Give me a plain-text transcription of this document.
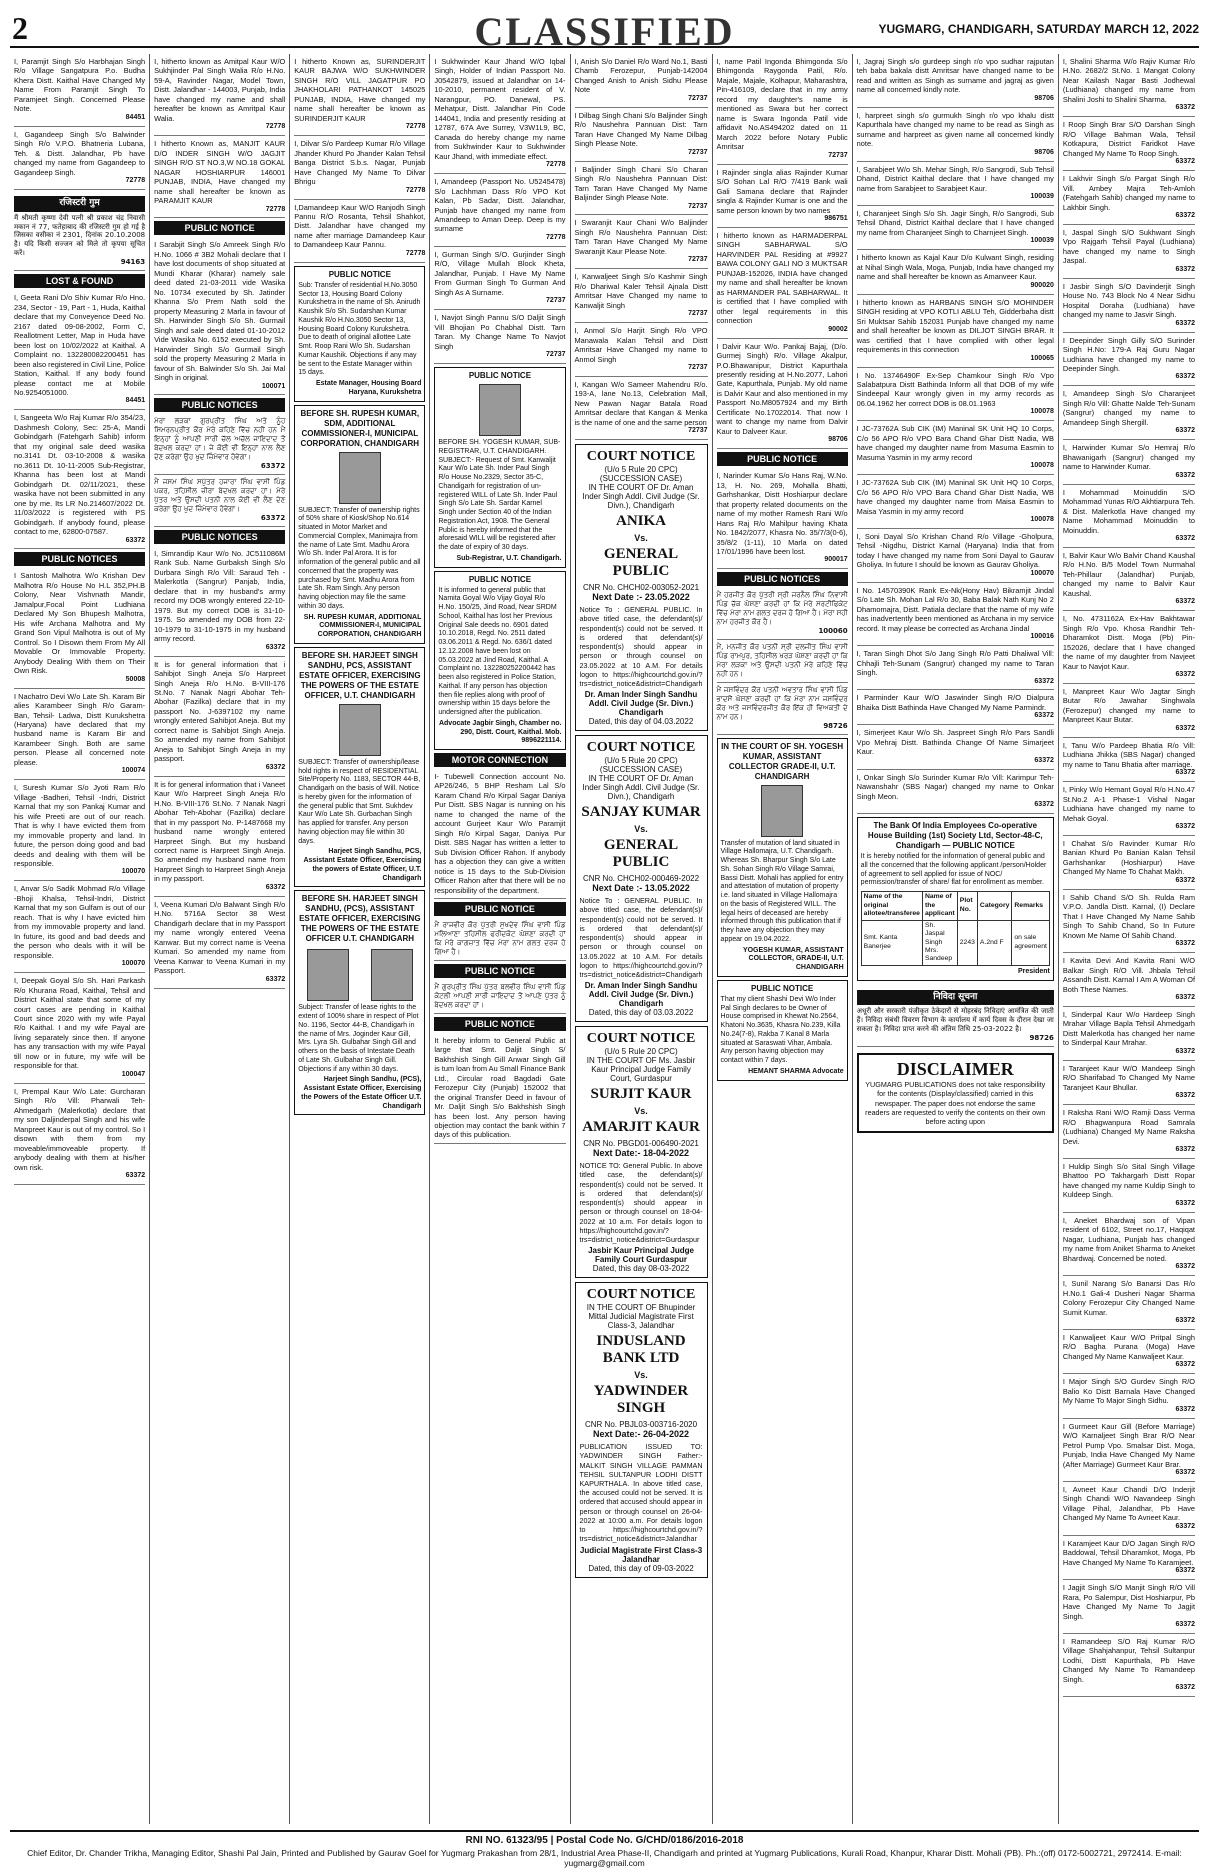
2	CLASSIFIED	YUGMARG, CHANDIGARH, SATURDAY MARCH 12, 2022
I, Paramjit Singh S/o Harbhajan Singh R/o Village Sangatpura P.o. Budha Khera Distt. Kaithal Have Changed My Name From Paramjit Singh To Paramjeet Singh. Concerned Please Note.
84451
I, Gagandeep Singh S/o Balwinder Singh R/o V.P.O. Bhatneria Lubana, Teh. & Distt. Jalandhar, Pb have changed my name from Gagandeep to Gagandeep Singh.
72778
रजिस्टरी गुम
मैं श्रीमती कृष्णा देवी पत्नी श्री प्रकाश चंद्र निवासी मकान नं 77, फतेहाबाद की रजिस्टरी गुम हो गई है जिसका वसीका नं 2301, दिनांक 20.10.2008 है। यदि किसी सज्जन को मिले तो कृपया सूचित करें।
94163
LOST & FOUND
I, Geeta Rani D/o Shiv Kumar R/o Hno. 234, Sector - 19, Part - 1, Huda, Kaithal declare that my Conveyence Deed No. 2167 dated 09-08-2002, Form C, Reallotment Letter, Map in Huda have been lost on 10/02/2022 at Kaithal. A Complaint no. 132280082200451 has been also registered in Civil Line, Police Station, Kaithal. If any body found please contact me at Mobile No.9254051000.
84451
I, Sangeeta W/o Raj Kumar R/o 354/23, Dashmesh Colony, Sec: 25-A, Mandi Gobindgarh (Fatehgarh Sahib) inform that my original sale deed wasika no.3141 Dt. 03-10-2008 & wasika no.3611 Dt. 10-11-2005 Sub-Registrar, Khanna has been lost at Mandi Gobindgarh Dt. 02/11/2021, these wasika have not been submitted in any one by me. Its LR No.214607/2022 Dt. 11/03/2022 is registered with PS Gobindgarh. If anybody found, please contact to me, 62800-07587.
63372
PUBLIC NOTICES
I Santosh Malhotra W/o Krishan Dev Malhotra R/o House No H.L 352,PH.B Colony, Near Vishvnath Mandir, Jamalpur,Focal Point Ludhiana Declared My Son Bhupesh Malhotra, His wife Archana Malhotra and My Grand Son Vipul Malhotra is out of My Control. So I Disown them From My All Movable Or Immovable Property. Anybody Dealing With them on Their Own Risk.
50008
I Nachatro Devi W/o Late Sh. Karam Bir alies Karambeer Singh R/o Garam- Ban, Tehsil- Ladwa, Distt Kurukshetra (Haryana) have declared that my husband name is Karam Bir and Karambeer Singh. Both are same person. Please all concerned note please.
100074
I, Suresh Kumar S/o Jyoti Ram R/o Village -Badheri, Tehsil -Indri, District Karnal that my son Pankaj Kumar and his wife Preeti are out of our reach. That is why I have evicted them from my immovable property and land. In future, the person doing good and bad deeds and dealing with them will be responsible.
100070
I, Anvar S/o Sadik Mohmad R/o Village -Bhoji Khalsa, Tehsil-Indri, District Karnal that my son Gulfam is out of our reach. That is why I have evicted him from my immovable property and land. In future, its good and bad deeds and the person who deals with it will be responsible.
100070
I, Deepak Goyal S/o Sh. Hari Parkash R/o Khurana Road, Kaithal, Tehsil and District Kaithal state that some of my court cases are pending in Kaithal Court since 2020 with my wife Payal R/o Kaithal. I and my wife Payal are living separately since then. If anyone has any transaction with my wife Payal till now or in future, my wife will be responsible for that.
100047
I, Prempal Kaur W/o Late: Gurcharan Singh R/o Vill: Pharwali Teh-Ahmedgarh (Malerkotla) declare that my son Daljinderpal Singh and his wife Manpreet Kaur is out of my control. So I disown with them from my moveable/immoveable property. If anybody dealing with them at his/her own risk.
63372
I, hitherto known as Amitpal Kaur W/O Sukhjinder Pal Singh Walia R/o H.No. 59-A, Ravinder Nagar, Model Town, Distt. Jalandhar - 144003, Punjab, India have changed my name and shall hereafter be known as Amritpal Kaur Walia.
72778
I hitherto Known as, MANJIT KAUR D/O INDER SINGH W/O JAGJIT SINGH R/O ST NO.3,W NO.18 GOKAL NAGAR HOSHIARPUR 146001 PUNJAB, INDIA, Have changed my name shall hereafter be known as PARAMJIT KAUR
72778
PUBLIC NOTICE
I Sarabjit Singh S/o Amreek Singh R/o H.No. 1066 # 3B2 Mohali declare that I have lost documents of shop situated at Mundi Kharar (Kharar) namely sale deed dated 21-03-2011 vide Wasika No. 10734 executed by Sh. Jatinder Khanna S/o Prem Nath sold the property Measuring 2 Marla in favour of Sh. Harwinder Singh S/o Sh. Gurmail Singh and sale deed dated 01-10-2012 Vide Wasika No. 6152 executed by Sh. Harwinder Singh S/o Gurmail Singh sold the property Measuring 2 Marla in favour of Sh. Balwinder S/o Sh. Jai Mal Singh in original.
100071
PUBLIC NOTICES
ਮੇਰਾ ਲੜਕਾ ਗੁਰਪ੍ਰੀਤ ਸਿੰਘ ਅਤੇ ਨੂੰਹ ਸਿਮਰਨਪ੍ਰੀਤ ਕੌਰ ਮੇਰੇ ਕਹਿਣੇ ਵਿੱਚ ਨਹੀਂ ਹਨ ਮੈਂ ਇਨ੍ਹਾਂ ਨੂੰ ਆਪਣੀ ਸਾਰੀ ਚੱਲ ਅਚੱਲ ਜਾਇਦਾਦ ਤੋਂ ਬੇਦਖਲ ਕਰਦਾ ਹਾਂ। ਜੇ ਕੋਈ ਵੀ ਇਨ੍ਹਾਂ ਨਾਲ ਲੈਣ ਦੇਣ ਕਰੇਗਾ ਉਹ ਖੁਦ ਜ਼ਿੰਮੇਵਾਰ ਹੋਵੇਗਾ।
63372
ਮੈਂ ਜਸਮ ਸਿੰਘ ਸਪੁੱਤਰ ਹਜਾਰਾ ਸਿੰਘ ਵਾਸੀ ਪਿੰਡ ਪਕਰ, ਤਹਿਸੀਲ ਜ਼ੀਰਾ ਬੇਦਖਲ ਕਰਦਾ ਹਾਂ। ਮੇਰੇ ਪੁੱਤਰ ਅਤੇ ਉਸਦੀ ਪਤਨੀ ਨਾਲ ਕੋਈ ਵੀ ਲੈਣ ਦੇਣ ਕਰੇਗਾ ਉਹ ਖੁਦ ਜ਼ਿੰਮੇਵਾਰ ਹੋਵੇਗਾ।
63372
PUBLIC NOTICES
I, Simrandip Kaur W/o No. JC511086M Rank Sub. Name Gurbaksh Singh S/o Durbara Singh R/o Vill: Saraud Teh - Malerkotla (Sangrur) Panjab, India, declare that in my husband's army record my DOB wrongly entered 22-10-1979. But my correct DOB is 31-10-1975. So amended my DOB from 22-10-1979 to 31-10-1975 in my husband army record.
63372
It is for general information that i Sahibjot Singh Aneja S/o Harpreet Singh Aneja R/o H.No. B-VIII-176 St.No. 7 Nanak Nagri Abohar Teh-Abohar (Fazilka) declare that in my passport No. J-6397102 my name wrongly entered Sahibjot Aneja. But my correct name is Sahibjot Singh Aneja. So amended my name from Sahibjot Aneja to Sahibjot Singh Aneja in my passport.
63372
It is for general information that i Vaneet Kaur W/o Harpreet Singh Aneja R/o H.No. B-VIII-176 St.No. 7 Nanak Nagri Abohar Teh-Abohar (Fazilka) declare that in my passport No. P-1487668 my husband name wrongly entered Harpreet Singh. But my husband correct name is Harpreet Singh Aneja. So amended my husband name from Harpreet Singh to Harpreet Singh Aneja in my passport.
63372
I, Veena Kumari D/o Balwant Singh R/o H.No. 5716A Sector 38 West Chandigarh declare that in my Passport my name wrongly entered Veena Kanwar. But my correct name is Veena Kumari. So amended my name from Veena Kanwar to Veena Kumari in my Passport.
63372
I hitherto Known as, SURINDERJIT KAUR BAJWA W/O SUKHWINDER SINGH R/O VILL JAGATPUR PO JHAKHOLARI PATHANKOT 145025 PUNJAB, INDIA, Have changed my name shall hereafter be known as SURINDERJIT KAUR
72778
I, Dilvar S/o Pardeep Kumar R/o Village Jhander Khurd Po Jhander Kalan Tehsil Banga District S.b.s. Nagar, Punjab Have Changed My Name To Dilvar Bhrigu
72778
I,Damandeep Kaur W/O Ranjodh Singh Pannu R/O Rosanta, Tehsil Shahkot, Distt. Jalandhar have changed my name after marriage Damandeep Kaur to Damandeep Kaur Pannu.
72778
PUBLIC NOTICE
Sub: Transfer of residential H.No.3050 Sector 13, Housing Board Colony Kurukshetra in the name of Sh. Anirudh Kaushik S/o Sh. Sudarshan Kumar Kaushik R/o H.No.3050 Sector 13, Housing Board Colony Kurukshetra. Due to death of original allottee Late Smt. Roop Rani W/o Sh. Sudarshan Kumar Kaushik. Objections if any may be sent to the Estate Manager within 15 days.
Estate Manager, Housing Board Haryana, Kurukshetra
BEFORE SH. RUPESH KUMAR, SDM, ADDITIONAL COMMISSIONER-I, MUNICIPAL CORPORATION, CHANDIGARH
SUBJECT: Transfer of ownership rights of 50% share of Kiosk/Shop No.614 situated in Motor Market and Commercial Complex, Manimajra from the name of Late Smt. Madhu Arora W/o Sh. Inder Pal Arora. It is for information of the general public and all concerned that the property was purchased by Smt. Madhu Arora from Late Sh. Ram Singh. Any person having objection may file the same within 30 days.
SH. RUPESH KUMAR, ADDITIONAL COMMISSIONER-I, MUNICIPAL CORPORATION, CHANDIGARH
BEFORE SH. HARJEET SINGH SANDHU, PCS, ASSISTANT ESTATE OFFICER, EXERCISING THE POWERS OF THE ESTATE OFFICER, U.T. CHANDIGARH
SUBJECT: Transfer of ownership/lease hold rights in respect of RESIDENTIAL Site/Property No. 1183, SECTOR 44-B, Chandigarh on the basis of Will. Notice is hereby given for the information of the general public that Smt. Sukhdev Kaur W/o Late Sh. Gurbachan Singh has applied for transfer. Any person having objection may file within 30 days.
Harjeet Singh Sandhu, PCS, Assistant Estate Officer, Exercising the powers of Estate Officer, U.T. Chandigarh
BEFORE SH. HARJEET SINGH SANDHU, (PCS), ASSISTANT ESTATE OFFICER, EXERCISING THE POWERS OF THE ESTATE OFFICER U.T. CHANDIGARH
Subject: Transfer of lease rights to the extent of 100% share in respect of Plot No. 1196, Sector 44-B, Chandigarh in the name of Mrs. Joginder Kaur Gill, Mrs. Lyra Sh. Gulbahar Singh Gill and others on the basis of Intestate Death of Late Sh. Gulbahar Singh Gill. Objections if any within 30 days.
Harjeet Singh Sandhu, (PCS), Assistant Estate Officer, Exercising the Powers of the Estate Officer U.T. Chandigarh
I Sukhwinder Kaur Jhand W/O Iqbal Singh, Holder of Indian Passport No. J0542879, issued at Jalandhar on 14-10-2010, permanent resident of V. Narangpur, PO. Danewal, PS. Mehatpur, Distt. Jalandhar Pin Code 144041, India and presently residing at 12787, 67A Ave Surrey, V3W1L9, BC, Canada do hereby change my name from Sukhwinder Kaur to Sukhwinder Kaur Jhand, with immediate effect.
72778
I, Amandeep (Passport No. U5245478) S/o Lachhman Dass R/o VPO Kot Kalan, Pb Sadar, Distt. Jalandhar, Punjab have changed my name from Amandeep to Aman Deep. Deep is my surname
72778
I, Gurman Singh S/O. Gurjinder Singh R/O, Village Mullah Block Kheta, Jalandhar, Punjab. I Have My Name From Gurman Singh To Gurman And Singh As A Surname.
72737
I, Navjot Singh Pannu S/O Daljit Singh Vill Bhojian Po Chabhal Distt. Tarn Taran. My Change Name To Navjot Singh
72737
PUBLIC NOTICE
BEFORE SH. YOGESH KUMAR, SUB-REGISTRAR, U.T. CHANDIGARH. SUBJECT:- Request of Smt. Kanwaljit Kaur W/o Late Sh. Inder Paul Singh R/o House No.2329, Sector 35-C, Chandigarh for registration of un-registered WILL of Late Sh. Inder Paul Singh S/o Late Sh. Sardar Karnel Singh under Section 40 of the Indian Registration Act, 1908. The General Public is hereby informed that the aforesaid WILL will be registered after the date of expiry of 30 days.
Sub-Registrar, U.T. Chandigarh.
PUBLIC NOTICE
It is informed to general public that Namita Goyal W/o Vijay Goyal R/o H.No. 150/25, Jind Road, Near SRDM School, Kaithal has lost her Previous Original Sale deeds no. 6901 dated 10.10.2018, Regd. No. 2511 dated 03.06.2011 & Regd. No. 636/1 dated 12.12.2008 have been lost on 05.03.2022 at Jind Road, Kaithal. A Complaint no. 132280252200442 has been also registered in Police Station, Kaithal. If any person has objection then file replies along with proof of ownership within 15 days before the undersigned after the publication.
Advocate Jagbir Singh, Chamber no. 290, Distt. Court, Kaithal. Mob. 9896221114.
MOTOR CONNECTION
I- Tubewell Connection account No. AP26/246, 5 BHP Resham Lal S/o Karam Chand R/o Kirpal Sagar Daniya Pur Distt. SBS Nagar is running on his name to changed the name of the account Gurjeet Kaur W/o Paramjit Singh R/o Kirpal Sagar, Daniya Pur Distt. SBS Nagar has written a letter to Sub Division Officer Rahon. If anybody has a objection they can give a written notice is 15 days to the Sub-Division Officer Rahon after that there will be no responsibility of the department.
PUBLIC NOTICE
ਮੈਂ ਰਾਜਵੀਰ ਕੌਰ ਪੁੱਤਰੀ ਸੁਖਦੇਵ ਸਿੰਘ ਵਾਸੀ ਪਿੰਡ ਮਲਿਆਣਾ ਤਹਿਸੀਲ ਫਰੀਦਕੋਟ ਘੋਸ਼ਣਾ ਕਰਦੀ ਹਾਂ ਕਿ ਮੇਰੇ ਕਾਗਜ਼ਾਤ ਵਿੱਚ ਮੇਰਾ ਨਾਮ ਗਲਤ ਦਰਜ ਹੋ ਗਿਆ ਹੈ।
PUBLIC NOTICE
ਮੈਂ ਗੁਰਪ੍ਰੀਤ ਸਿੰਘ ਪੁੱਤਰ ਬਲਵੀਰ ਸਿੰਘ ਵਾਸੀ ਪਿੰਡ ਕੋਟਲੀ ਆਪਣੀ ਸਾਰੀ ਜਾਇਦਾਦ ਤੋਂ ਆਪਣੇ ਪੁੱਤਰ ਨੂੰ ਬੇਦਖਲ ਕਰਦਾ ਹਾਂ।
PUBLIC NOTICE
It hereby inform to General Public at large that Smt. Daljit Singh S/ Bakhshish Singh Gill Anwar Singh Gill is tum loan from Au Small Finance Bank Ltd., Circular road Bagdadi Gate Ferozepur City (Punjab) 152002 that the original Transfer Deed in favour of Mr. Daljit Singh S/o Bakhshish Singh has been lost. Any person having objection may contact the bank within 7 days of this publication.
I, Anish S/o Daniel R/o Ward No.1, Basti Chamb Ferozepur, Punjab-142004 Changed Anish to Anish Sidhu Please Note
72737
I Dilbag Singh Chani S/o Baljinder Singh R/o Naushehra Pannuan Dist: Tarn Taran Have Changed My Name Dilbag Singh Please Note.
72737
I Baljinder Singh Chani S/o Charan Singh R/o Naushehra Pannuan Dist: Tarn Taran Have Changed My Name Baljinder Singh Please Note.
72737
I Swaranjit Kaur Chani W/o Baljinder Singh R/o Naushehra Pannuan Dist: Tarn Taran Have Changed My Name Swaranjit Kaur Please Note.
72737
I, Kanwaljeet Singh S/o Kashmir Singh R/o Dhariwal Kaler Tehsil Ajnala Distt Amritsar Have Changed my name to Kanwaljit Singh
72737
I, Anmol S/o Harjit Singh R/o VPO Manawala Kalan Tehsil and Distt Amritsar Have Changed my name to Anmol Singh
72737
I, Kangan W/o Sameer Mahendru R/o. 193-A, lane No.13, Celebration Mall, New Pawan Nagar Batala Road Amritsar declare that Kangan & Menka is the name of one and the same person
72737
COURT NOTICE
(U/o 5 Rule 20 CPC) (SUCCESSION CASE)
IN THE COURT OF Dr. Aman Inder Singh Addl. Civil Judge (Sr. Divn.), Chandigarh
ANIKA
Vs.
GENERAL PUBLIC
CNR No. CHCH02-003052-2021
Next Date :- 23.05.2022
Notice To : GENERAL PUBLIC. In above titled case, the defendant(s)/ respondent(s) could not be served. It is ordered that defendant(s)/ respondent(s) should appear in person or through counsel on 23.05.2022 at 10 A.M. For details logon to https://highcourtchd.gov.in/?trs=district_notice&district=Chandigarh
Dr. Aman Inder Singh Sandhu Addl. Civil Judge (Sr. Divn.) Chandigarh
Dated, this day of 04.03.2022
COURT NOTICE
(U/o 5 Rule 20 CPC) (SUCCESSION CASE)
IN THE COURT OF Dr. Aman Inder Singh Addl. Civil Judge (Sr. Divn.), Chandigarh
SANJAY KUMAR
Vs.
GENERAL PUBLIC
CNR No. CHCH02-000469-2022
Next Date :- 13.05.2022
Notice To : GENERAL PUBLIC. In above titled case, the defendant(s)/ respondent(s) could not be served. It is ordered that defendant(s)/ respondent(s) should appear in person or through counsel on 13.05.2022 at 10 A.M. For details logon to https://highcourtchd.gov.in/?trs=district_notice&district=Chandigarh
Dr. Aman Inder Singh Sandhu Addl. Civil Judge (Sr. Divn.) Chandigarh
Dated, this day of 03.03.2022
COURT NOTICE
(U/o 5 Rule 20 CPC)
IN THE COURT OF Ms. Jasbir Kaur Principal Judge Family Court, Gurdaspur
SURJIT KAUR
Vs.
AMARJIT KAUR
CNR No. PBGD01-006490-2021
Next Date:- 18-04-2022
NOTICE TO: General Public. In above titled case, the defendant(s)/ respondent(s) could not be served. It is ordered that defendant(s)/ respondent(s) should appear in person or through counsel on 18-04-2022 at 10 a.m. For details logon to https://highcourtchd.gov.in/?trs=district_notice&district=Gurdaspur
Jasbir Kaur Principal Judge Family Court Gurdaspur
Dated, this day 08-03-2022
COURT NOTICE
IN THE COURT OF Bhupinder Mittal Judicial Magistrate First Class-3, Jalandhar
INDUSLAND BANK LTD
Vs.
YADWINDER SINGH
CNR No. PBJL03-003716-2020
Next Date:- 26-04-2022
PUBLICATION ISSUED TO: YADWINDER SINGH Father:- MALKIT SINGH VILLAGE PAMMAN TEHSIL SULTANPUR LODHI DISTT KAPURTHALA. In above titled case, the accused could not be served. It is ordered that accused should appear in person or through counsel on 26-04-2022 at 10:00 a.m. For details logon to https://highcourtchd.gov.in/?trs=district_notice&district=Jalandhar
Judicial Magistrate First Class-3 Jalandhar
Dated, this day of 09-03-2022
I, name Patil Ingonda Bhimgonda S/o Bhimgonda Raygonda Patil, R/o. Majale, Majale, Kolhapur, Maharashtra, Pin-416109, declare that in my army record my daughter's name is mentioned as Swara but her correct name is Swara Ingonda Patil vide affidavit No.AS494202 dated on 11 March 2022 before Notary Public Amritsar
72737
I Rajinder singla alias Rajinder Kumar S/O Sohan Lal R/O 7/419 Bank wali Gali Samana declare that Rajinder singla & Rajinder Kumar is one and the same person known by two names
986751
I hitherto known as HARMADERPAL SINGH SABHARWAL S/O HARVINDER PAL Residing at #9927 BAWA COLONY GALI NO 3 MUKTSAR PUNJAB-152026, INDIA have changed my name and shall hereafter be known as HARMANDER PAL SABHARWAL. It is certified that I have complied with other legal requirements in this connection
90002
I Dalvir Kaur W/o. Pankaj Bajaj, (D/o. Gurmej Singh) R/o. Village Akalpur, P.O.Bhawanipur, District Kapurthala presently residing at H.No.2077, Lahori Gate, Kapurthala, Punjab. My old name is Dalvir Kaur and also mentioned in my Passport No.M8057924 and my Birth Certificate No.17022014. That now I want to change my name from Dalvir Kaur to Dalveer Kaur.
98706
PUBLIC NOTICE
I, Narinder Kumar S/o Hans Raj, W.No. 13, H. No. 269, Mohalla Bhatti, Garhshankar, Distt Hoshiarpur declare that property related documents on the name of my mother Ramesh Rani W/o Hans Raj R/o Mahilpur having Khata No. 1842/2077, Khasra No. 35/7/3(0-6), 35/8/2 (1-11), 10 Marla on dated 17/01/1996 have been lost.
900017
PUBLIC NOTICES
ਮੈਂ ਹਰਜੀਤ ਕੌਰ ਪੁੱਤਰੀ ਸ੍ਰੀ ਜਰਨੈਲ ਸਿੰਘ ਨਿਵਾਸੀ ਪਿੰਡ ਚੱਕ ਘੋਸ਼ਣਾ ਕਰਦੀ ਹਾਂ ਕਿ ਮੇਰੇ ਸਰਟੀਫਿਕੇਟ ਵਿੱਚ ਮੇਰਾ ਨਾਮ ਗਲਤ ਦਰਜ ਹੋ ਗਿਆ ਹੈ। ਮੇਰਾ ਸਹੀ ਨਾਮ ਹਰਜੀਤ ਕੌਰ ਹੈ।
100060
ਮੈਂ, ਮਨਜੀਤ ਕੌਰ ਪਤਨੀ ਸ੍ਰੀ ਦਲਜੀਤ ਸਿੰਘ ਵਾਸੀ ਪਿੰਡ ਰਾਮਪੁਰ, ਤਹਿਸੀਲ ਖਰੜ ਘੋਸ਼ਣਾ ਕਰਦੀ ਹਾਂ ਕਿ ਮੇਰਾ ਲੜਕਾ ਅਤੇ ਉਸਦੀ ਪਤਨੀ ਮੇਰੇ ਕਹਿਣੇ ਵਿੱਚ ਨਹੀਂ ਹਨ।
ਮੈਂ ਜਸਵਿੰਦਰ ਕੌਰ ਪਤਨੀ ਅਵਤਾਰ ਸਿੰਘ ਵਾਸੀ ਪਿੰਡ ਭਾਦਸੋਂ ਘੋਸ਼ਣਾ ਕਰਦੀ ਹਾਂ ਕਿ ਮੇਰਾ ਨਾਮ ਜਸਵਿੰਦਰ ਕੌਰ ਅਤੇ ਜਸਵਿੰਦਰਜੀਤ ਕੌਰ ਇੱਕ ਹੀ ਵਿਅਕਤੀ ਦੇ ਨਾਮ ਹਨ।
98726
IN THE COURT OF SH. YOGESH KUMAR, ASSISTANT COLLECTOR GRADE-II, U.T. CHANDIGARH
Transfer of mutation of land situated in Village Hallomajra, U.T. Chandigarh. Whereas Sh. Bharpur Singh S/o Late Sh. Sohan Singh R/o Village Samrai, Bassi Distt. Mohali has applied for entry and attestation of mutation of property i.e. land situated in Village Hallomajra on the basis of Registered WILL. The legal heirs of deceased are hereby informed through this publication that if they have any objection they may appear on 19.04.2022.
YOGESH KUMAR, ASSISTANT COLLECTOR, GRADE-II, U.T. CHANDIGARH
PUBLIC NOTICE
That my client Shashi Devi W/o Inder Pal Singh declares to be Owner of House comprised in Khewat No.2564, Khatoni No.3635, Khasra No.239, Killa No.24(7-8), Rakba 7 Kanal 8 Marla situated at Saraswati Vihar, Ambala. Any person having objection may contact within 7 days.
HEMANT SHARMA Advocate
I, Jagraj Singh s/o gurdeep singh r/o vpo sudhar rajputan teh baba bakala distt Amritsar have changed name to be read and written as Singh as surname and jagraj as given name all concerned kindly note.
98706
I, harpreet singh s/o gurmukh Singh r/o vpo khalu distt Kapurthala have changed my name to be read as Singh as surname and harpreet as given name all concerned kindly note.
98706
I, Sarabjeet W/o Sh. Mehar Singh, R/o Sangrodi, Sub Tehsil Dhand, District Kaithal declare that I have changed my name from Sarabjeet to Sarabjeet Kaur.
100039
I, Charanjeet Singh S/o Sh. Jagir Singh, R/o Sangrodi, Sub Tehsil Dhand, District Kaithal declare that I have changed my name from Charanjeet Singh to Charnjeet Singh.
100039
I hitherto known as Kajal Kaur D/o Kulwant Singh, residing at Nihal Singh Wala, Moga, Punjab, India have changed my name and shall hereafter be known as Amanveer Kaur.
900020
I hitherto known as HARBANS SINGH S/O MOHINDER SINGH residing at VPO KOTLI ABLU Teh, Gidderbaha distt Sri Muktsar Sahib 152031 Punjab have changed my name and shall hereafter be known as DILJOT SINGH BRAR. It was certified that I have complied with other legal requirements in this connection
100065
I No. 13746490F Ex-Sep Chamkour Singh R/o Vpo Salabatpura Distt Bathinda Inform all that DOB of my wife Sindeepal Kaur wrongly given in my army records as 06.04.1962 her correct DOB is 08.01.1963
100078
I JC-73762A Sub CIK (IM) Maninal SK Unit HQ 10 Corps, C/o 56 APO R/o VPO Bara Chand Ghar Distt Nadia, WB have changed my daughter name from Masuma Easmin to Masuma Yasmin in my army record
100078
I JC-73762A Sub CIK (IM) Maninal SK Unit HQ 10 Corps, C/o 56 APO R/o VPO Bara Chand Ghar Distt Nadia, WB have changed my daughter name from Maisa Easmin to Maisa Yasmin in my army record
100078
I, Soni Dayal S/o Krishan Chand R/o Village -Gholpura, Tehsil -Nigdhu, District Karnal (Haryana) India that from today I have changed my name from Soni Dayal to Gaurav Gholiya. In future I should be known as Gaurav Gholiya.
100070
I No. 14570390K Rank Ex-Nk(Hony Hav) Bikramjit Jindal S/o Late Sh. Mohan Lal R/o 30, Baba Balak Nath Kunj No 2 Dhamomajra, Distt. Patiala declare that the name of my wife has inadvertently been mentioned as Archana in my service record. It may please be corrected as Archana Jindal
100016
I, Taran Singh Dhot S/o Jang Singh R/o Patti Dhaliwal Vill: Chhajli Teh-Sunam (Sangrur) changed my name to Taran Singh.
63372
I Parminder Kaur W/O Jaswinder Singh R/O Dialpura Bhaika Distt Bathinda Have Changed My Name Parmindr.
63372
I, Simerjeet Kaur W/o Sh. Jaspreet Singh R/o Pars Sandli Vpo Mehraj Distt. Bathinda Change Of Name Simarjeet Kaur.
63372
I, Onkar Singh S/o Surinder Kumar R/o Vill: Karimpur Teh-Nawanshahr (SBS Nagar) changed my name to Onkar Singh Meon.
63372
The Bank Of India Employees Co-operative House Building (1st) Society Ltd, Sector-48-C, Chandigarh — PUBLIC NOTICE
It is hereby notified for the information of general public and all the concerned that the following applicant /person/Holder of agreement to sell applied for issue of NOC/ permission/transfer of share/ flat for enrollment as member.
Name of the original allotee/transferee	Name of the applicant	Plot No.	Category	Remarks
Smt. Kanta Banerjee	Sh. Jaspal Singh Mrs. Sandeep	2243	A.2nd F	on sale agreement
President
निविदा सूचना
अधूरी और सरकारी पंजीकृत ठेकेदारों से मोहरबंद निविदाएं आमंत्रित की जाती हैं। निविदा संबंधी विवरण विभाग के कार्यालय में कार्य दिवस के दौरान देखा जा सकता है। निविदा प्राप्त करने की अंतिम तिथि 25-03-2022 है।
98726
DISCLAIMER
YUGMARG PUBLICATIONS does not take responsibility for the contents (Display/classified) carried in this newspaper. The paper does not endorse the same readers are requested to verify the contents on their own before acting upon
I, Shalini Sharma W/o Rajiv Kumar R/o H.No. 2682/2 St.No. 1 Mangat Colony Near Kailash Nagar Basti Jodhewal (Ludhiana) changed my name from Shalini Joshi to Shalini Sharma.
63372
I Roop Singh Brar S/O Darshan Singh R/O Village Bahman Wala, Tehsil Kotkapura, District Faridkot Have Changed My Name To Roop Singh.
63372
I Lakhvir Singh S/o Pargat Singh R/o Vill. Ambey Majra Teh-Amloh (Fatehgarh Sahib) changed my name to Lakhbir Singh.
63372
I, Jaspal Singh S/O Sukhwant Singh Vpo Rajgarh Tehsil Payal (Ludhiana) have changed my name to Singh Jaspal.
63372
I Jasbir Singh S/O Davinderjit Singh House No. 743 Block No 4 Near Sidhu Hospital Doraha (Ludhiana) have changed my name to Jasvir Singh.
63372
I Deepinder Singh Gilly S/O Surinder Singh H.No: 179-A Raj Guru Nagar Ludhiana have changed my name to Deepinder Singh.
63372
I, Amandeep Singh S/o Charanjeet Singh R/o Vill: Ghatte Nalde Teh-Sunam (Sangrur) changed my name to Amandeep Singh Shergill.
63372
I, Harwinder Kumar S/o Hemraj R/o Bhawanigarh (Sangrur) changed my name to Harwinder Kumar.
63372
I Mohammad Moinuddin S/O Mohammad Yunas R/O Akhtiarpura Teh. & Dist. Malerkotla Have changed my Name Mohammad Moinuddin to Moinuddin.
63372
I, Balvir Kaur W/o Balvir Chand Kaushal R/o H.No. B/5 Model Town Nurmahal Teh-Phillaur (Jalandhar) Punjab, changed my name to Balvir Kaur Kaushal.
63372
I, No. 4731162A Ex-Hav Bakhtawar Singh R/o Vpo. Khosa Randhir Teh-Dharamkot Distt. Moga (Pb) Pin-152026, declare that I have changed the name of my daughter from Navjeet Kaur to Navjot Kaur.
63372
I, Manpreet Kaur W/o Jagtar Singh Butar R/o Jawahar Singhwala (Ferozepur) changed my name to Manpreet Kaur Butar.
63372
I, Tanu W/o Pardeep Bhatia R/o Vill: Ludhiana Jhikka (SBS Nagar) changed my name to Tanu Bhatia after marriage.
63372
I, Pinky W/o Hemant Goyal R/o H.No.47 St.No.2 A-1 Phase-1 Vishal Nagar Ludhiana have changed my name to Mehak Goyal.
63372
I Chahat S/o Ravinder Kumar R/o Banian Khurd Po Banian Kalan Tehsil Garhshankar (Hoshiarpur) Have Changed My Name To Chahat Makh.
63372
I Sahib Chand S/O Sh. Rulda Ram V.P.O. Jandla Distt. Karnal, (I) Declare That I Have Changed My Name Sahib Singh To Sahib Chand, So In Future Known Me Name Of Sahib Chand.
63372
I Kavita Devi And Kavita Rani W/O Balkar Singh R/O Vill. Jhbala Tehsil Assandh Distt. Karnal I Am A Woman Of Both These Names.
63372
I, Sinderpal Kaur W/o Hardeep Singh Mrahar Village Bapla Tehsil Ahmedgarh Distt Malerkotla has changed her name to Sinderpal Kaur Mrahar.
63372
I Taranjeet Kaur W/O Mandeep Singh R/O Sharifabad To Changed My Name Taranjeet Kaur Bhullar.
63372
I Raksha Rani W/O Ramji Dass Verma R/O Bhagwanpura Road Samrala (Ludhiana) Changed My Name Raksha Devi.
63372
I Huldip Singh S/o Sital Singh Village Bhattoo PO Takhargarh Distt Ropar have changed my name Kuldip Singh to Kuldeep Singh.
63372
I, Aneket Bhardwaj son of Vipan resident of 6102, Street no.17, Haqiqat Nagar, Ludhiana, Punjab has changed my name from Aniket Sharma to Aneket Bhardwaj. Concerned be noted.
63372
I, Sunil Narang S/o Banarsi Das R/o H.No.1 Gali-4 Dusheri Nagar Sharma Colony Ferozepur City Changed Name Sumit Kumar.
63372
I Kanwaljeet Kaur W/O Pritpal Singh R/O Bagha Purana (Moga) Have Changed My Name Kanwaljeet Kaur.
63372
I Major Singh S/O Gurdev Singh R/O Balio Ko Distt Barnala Have Changed My Name To Major Singh Sidhu.
63372
I Gurmeet Kaur Gill (Before Marriage) W/O Karnaljeet Singh Brar R/O Near Petrol Pump Vpo. Smalsar Dist. Moga, Punjab, India Have Changed My Name (After Marriage) Gurmeet Kaur Brar.
63372
I, Avneet Kaur Chandi D/O Inderjit Singh Chandi W/O Navandeep Singh Village Pihal, Jalandhar, Pb Have Changed My Name To Avneet Kaur.
63372
I Karamjeet Kaur D/O Jagan Singh R/O Baddowal, Tehsil Dharamkot, Moga, Pb Have Changed My Name To Karamjeet.
63372
I Jagjit Singh S/O Manjit Singh R/O Vill Rara, Po Salempur, Dist Hoshiarpur, Pb Have Changed My Name To Jagjit Singh.
63372
I Ramandeep S/O Raj Kumar R/O Village Shahjahanpur, Tehsil Sultanpur Lodhi, Distt Kapurthala, Pb Have Changed My Name To Ramandeep Singh.
63372
RNI NO. 61323/95 | Postal Code No. G/CHD/0186/2016-2018
Chief Editor, Dr. Chander Trikha, Managing Editor, Shashi Pal Jain, Printed and Published by Gaurav Goel for Yugmarg Prakashan from 28/1, Industrial Area Phase-II, Chandigarh and printed at Yugmarg Publications, Kurali Road, Khanpur, Kharar Distt. Mohali (PB). Ph.:(off) 0172-5002721, 2972414. E-mail: yugmarg@gmail.com
